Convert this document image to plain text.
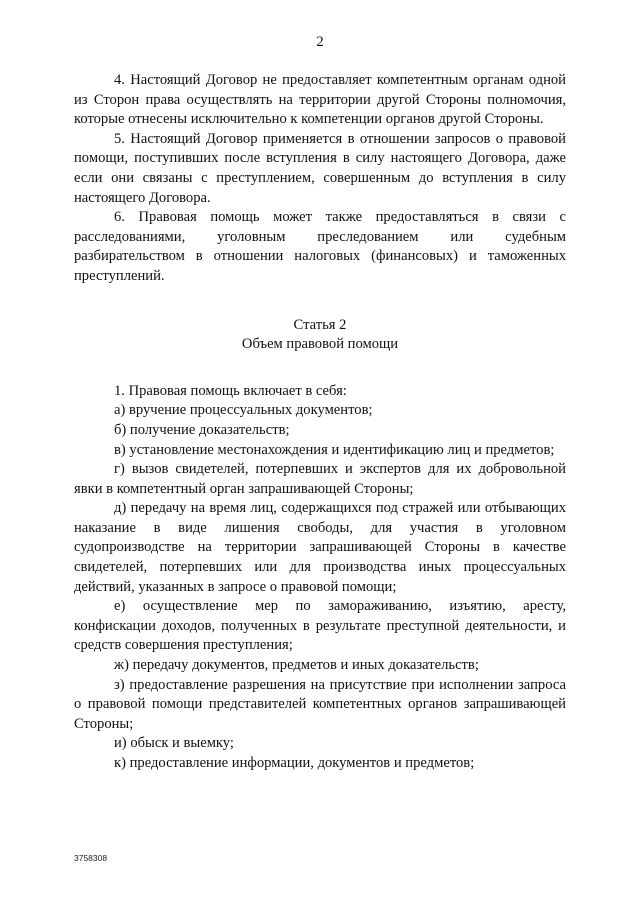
2

4. Настоящий Договор не предоставляет компетентным органам одной из Сторон права осуществлять на территории другой Стороны полномочия, которые отнесены исключительно к компетенции органов другой Стороны.

5. Настоящий Договор применяется в отношении запросов о правовой помощи, поступивших после вступления в силу настоящего Договора, даже если они связаны с преступлением, совершенным до вступления в силу настоящего Договора.

6. Правовая помощь может также предоставляться в связи с расследованиями, уголовным преследованием или судебным разбирательством в отношении налоговых (финансовых) и таможенных преступлений.

Статья 2
Объем правовой помощи

1. Правовая помощь включает в себя:

а) вручение процессуальных документов;

б) получение доказательств;

в) установление местонахождения и идентификацию лиц и предметов;

г) вызов свидетелей, потерпевших и экспертов для их добровольной явки в компетентный орган запрашивающей Стороны;

д) передачу на время лиц, содержащихся под стражей или отбывающих наказание в виде лишения свободы, для участия в уголовном судопроизводстве на территории запрашивающей Стороны в качестве свидетелей, потерпевших или для производства иных процессуальных действий, указанных в запросе о правовой помощи;

е) осуществление мер по замораживанию, изъятию, аресту, конфискации доходов, полученных в результате преступной деятельности, и средств совершения преступления;

ж) передачу документов, предметов и иных доказательств;

з) предоставление разрешения на присутствие при исполнении запроса о правовой помощи представителей компетентных органов запрашивающей Стороны;

и) обыск и выемку;

к) предоставление информации, документов и предметов;

3758308
